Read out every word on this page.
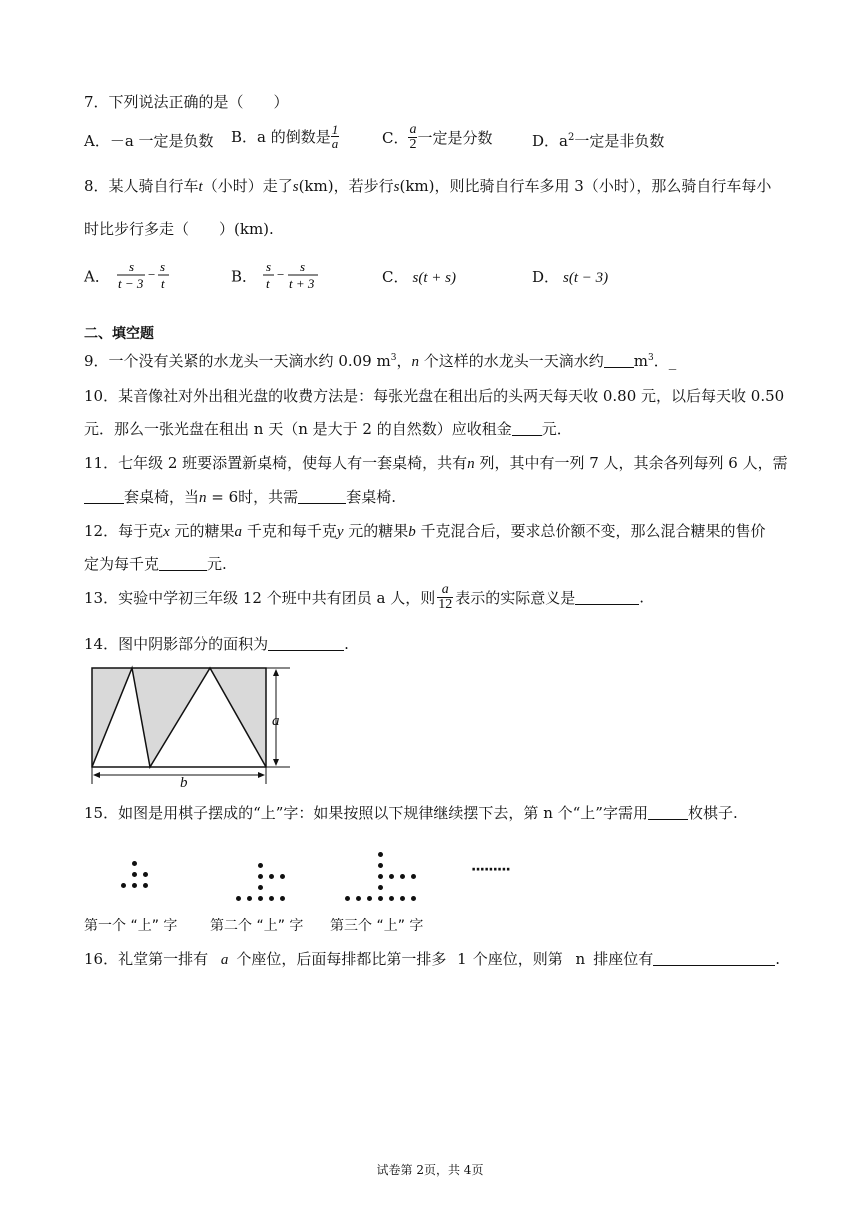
7．下列说法正确的是（　　）
A．－a 一定是负数 B．a 的倒数是 $\frac{1}{a}$	C． $\frac{a}{2}$ 一定是分数	D．$a^2$一定是非负数
8．某人骑自行车t（小时）走了s(km)，若步行s(km)，则比骑自行车多用 3（小时），那么骑自行车每小
时比步行多走（　　）(km).
A．
s
t − 3
−
s
t	B．
s
t
−
s
t + 3	C． s(t + s)	D． s(t − 3)
二、填空题
9．一个没有关紧的水龙头一天滴水约 0.09 $m^3$，n 个这样的水龙头一天滴水约 $m^3$．_
10．某音像社对外出租光盘的收费方法是：每张光盘在租出后的头两天每天收 0.80 元，以后每天收 0.50
元．那么一张光盘在租出 n 天（n 是大于 2 的自然数）应收租金 元．
11．七年级 2 班要添置新桌椅，使每人有一套桌椅，共有n 列，其中有一列 7 人，其余各列每列 6 人，需
套桌椅，当n = 6时，共需	套桌椅.
12．每于克x 元的糖果a 千克和每千克y 元的糖果b 千克混合后，要求总价额不变，那么混合糖果的售价
定为每千克	元.
13．实验中学初三年级 12 个班中共有团员 a 人，则 $\frac{a}{12}$ 表示的实际意义是	.
14．图中阴影部分的面积为	.
a
b
15．如图是用棋子摆成的“上”字：如果按照以下规律继续摆下去，第 n 个“上”字需用	枚棋子.
第一个 “上” 字 第二个 “上” 字 第三个 “上” 字
·········
16．礼堂第一排有 a 个座位，后面每排都比第一排多 1 个座位，则第 n 排座位有	.
试卷第 2页，共 4页
